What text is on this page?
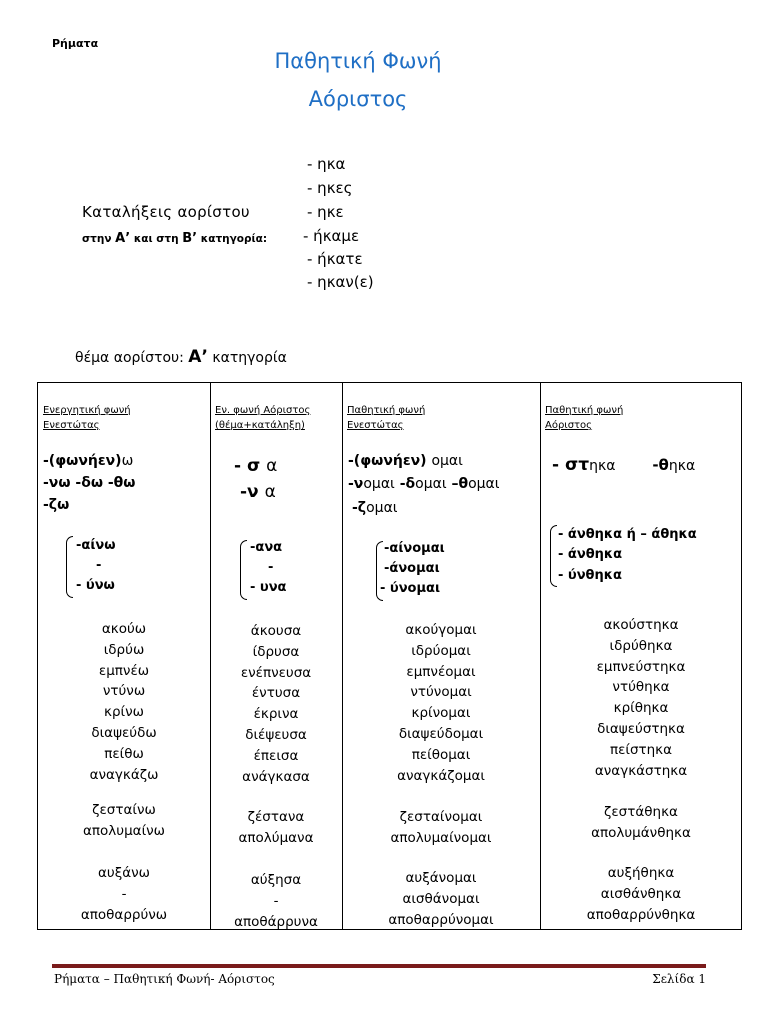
Ρήματα
Παθητική Φωνή
Αόριστος
- ηκα
- ηκες
- ηκε
- ήκαμε
- ήκατε
- ηκαν(ε)
Καταλήξεις αορίστου
στην Α’ και στη Β’ κατηγορία:
θέμα αορίστου: Α’ κατηγορία
Ενεργητική φωνή
Ενεστώτας
-(φωνήεν)ω
-νω -δω -θω
-ζω
-αίνω
-
- ύνω
ακούω
ιδρύω
εμπνέω
ντύνω
κρίνω
διαψεύδω
πείθω
αναγκάζω
ζεσταίνω
απολυμαίνω
αυξάνω
-
αποθαρρύνω
Εν. φωνή Αόριστος
(θέμα+κατάληξη)
- σ α
-ν α
-ανα
-
- υνα
άκουσα
ίδρυσα
ενέπνευσα
έντυσα
έκρινα
διέψευσα
έπεισα
ανάγκασα
ζέστανα
απολύμανα
αύξησα
-
αποθάρρυνα
Παθητική φωνή
Ενεστώτας
-(φωνήεν) ομαι
-νομαι -δομαι –θομαι
-ζομαι
-αίνομαι
-άνομαι
- ύνομαι
ακούγομαι
ιδρύομαι
εμπνέομαι
ντύνομαι
κρίνομαι
διαψεύδομαι
πείθομαι
αναγκάζομαι
ζεσταίνομαι
απολυμαίνομαι
αυξάνομαι
αισθάνομαι
αποθαρρύνομαι
Παθητική φωνή
Αόριστος
- στηκα -θηκα
- άνθηκα ή – άθηκα
- άνθηκα
- ύνθηκα
ακούστηκα
ιδρύθηκα
εμπνεύστηκα
ντύθηκα
κρίθηκα
διαψεύστηκα
πείστηκα
αναγκάστηκα
ζεστάθηκα
απολυμάνθηκα
αυξήθηκα
αισθάνθηκα
αποθαρρύνθηκα
Ρήματα – Παθητική Φωνή- Αόριστος	Σελίδα 1
